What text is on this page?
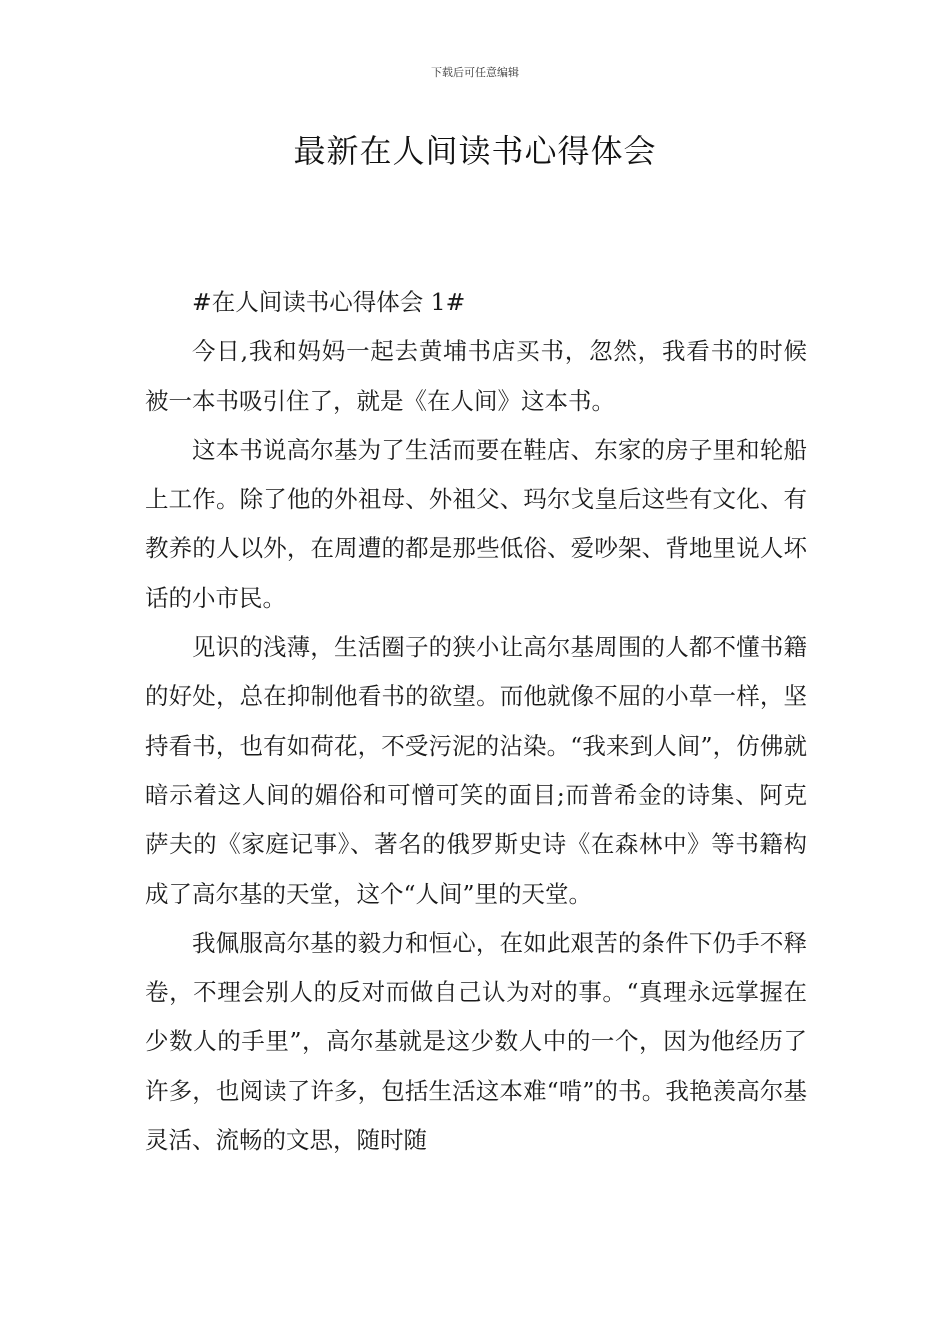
下载后可任意编辑
最新在人间读书心得体会

#在人间读书心得体会 1#

今日,我和妈妈一起去黄埔书店买书，忽然，我看书的时候被一本书吸引住了，就是《在人间》这本书。

这本书说高尔基为了生活而要在鞋店、东家的房子里和轮船上工作。除了他的外祖母、外祖父、玛尔戈皇后这些有文化、有教养的人以外，在周遭的都是那些低俗、爱吵架、背地里说人坏话的小市民。

见识的浅薄，生活圈子的狭小让高尔基周围的人都不懂书籍的好处，总在抑制他看书的欲望。而他就像不屈的小草一样，坚持看书，也有如荷花，不受污泥的沾染。“我来到人间”，仿佛就暗示着这人间的媚俗和可憎可笑的面目;而普希金的诗集、阿克萨夫的《家庭记事》、著名的俄罗斯史诗《在森林中》等书籍构成了高尔基的天堂，这个“人间”里的天堂。

我佩服高尔基的毅力和恒心，在如此艰苦的条件下仍手不释卷，不理会别人的反对而做自己认为对的事。“真理永远掌握在少数人的手里”，高尔基就是这少数人中的一个，因为他经历了许多，也阅读了许多，包括生活这本难“啃”的书。我艳羡高尔基灵活、流畅的文思，随时随
